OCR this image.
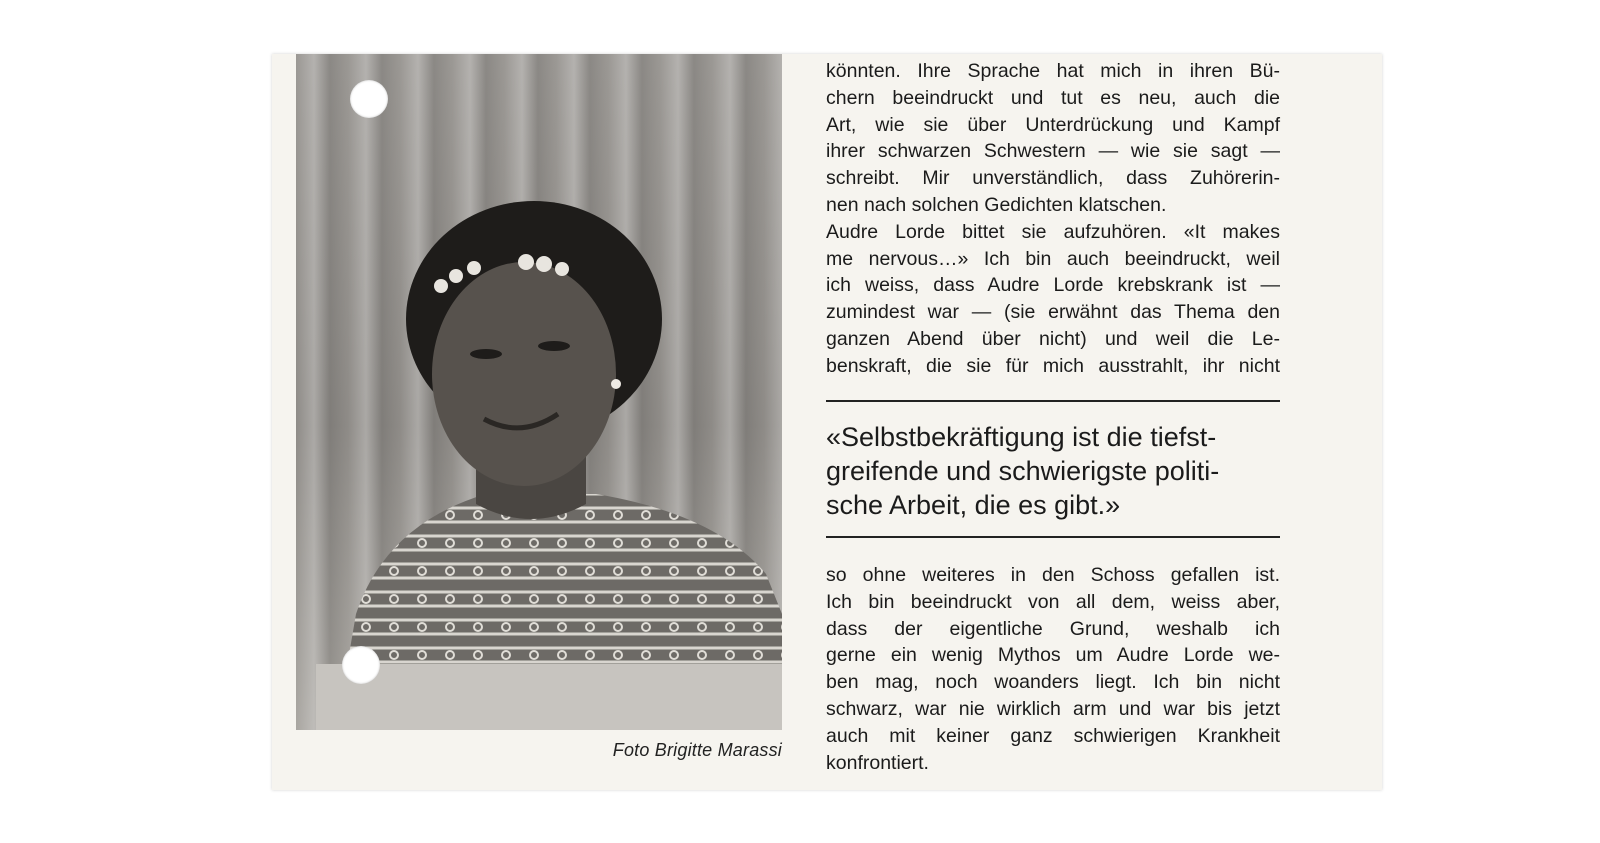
Foto Brigitte Marassi
könnten. Ihre Sprache hat mich in ihren Bü-
chern beeindruckt und tut es neu, auch die
Art, wie sie über Unterdrückung und Kampf
ihrer schwarzen Schwestern — wie sie sagt —
schreibt. Mir unverständlich, dass Zuhörerin-
nen nach solchen Gedichten klatschen.
Audre Lorde bittet sie aufzuhören. «It makes
me nervous…» Ich bin auch beeindruckt, weil
ich weiss, dass Audre Lorde krebskrank ist —
zumindest war — (sie erwähnt das Thema den
ganzen Abend über nicht) und weil die Le-
benskraft, die sie für mich ausstrahlt, ihr nicht
«Selbstbekräftigung ist die tiefst-
greifende und schwierigste politi-
sche Arbeit, die es gibt.»
so ohne weiteres in den Schoss gefallen ist.
Ich bin beeindruckt von all dem, weiss aber,
dass der eigentliche Grund, weshalb ich
gerne ein wenig Mythos um Audre Lorde we-
ben mag, noch woanders liegt. Ich bin nicht
schwarz, war nie wirklich arm und war bis jetzt
auch mit keiner ganz schwierigen Krankheit
konfrontiert.
